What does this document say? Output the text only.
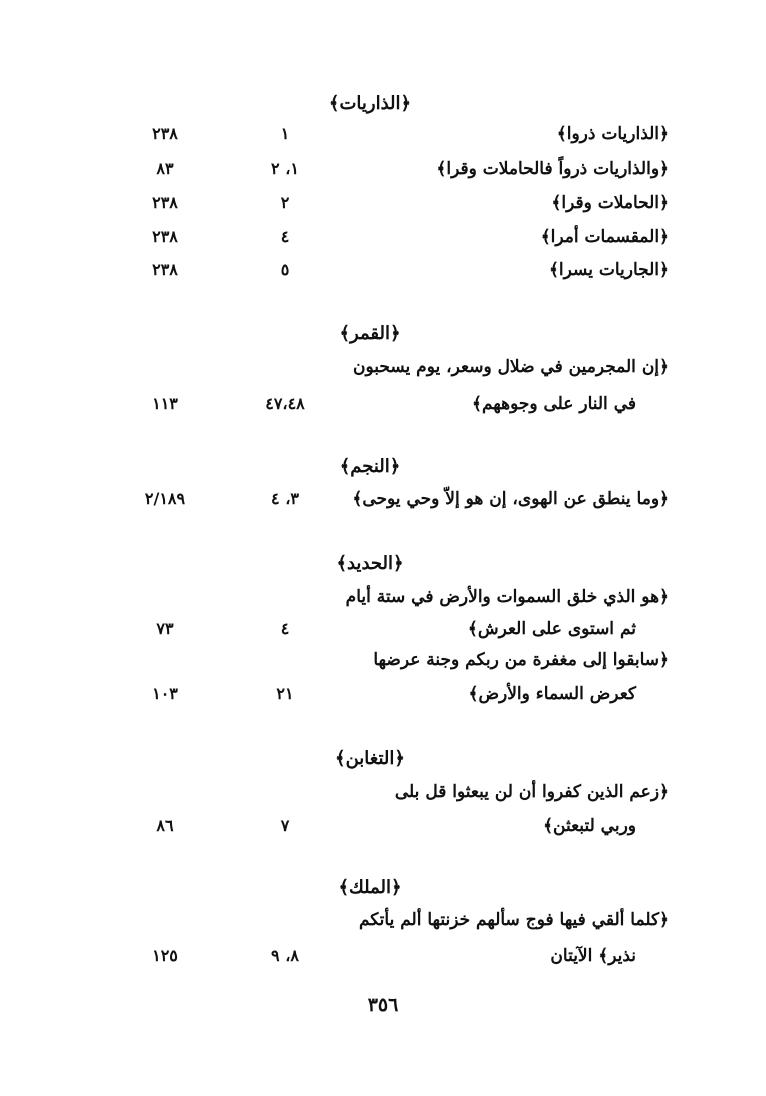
﴿الذاريات﴾
﴿الذاريات ذروا﴾
١
٢٣٨
﴿والذاريات ذرواً فالحاملات وقرا﴾
١، ٢
٨٣
﴿الحاملات وقرا﴾
٢
٢٣٨
﴿المقسمات أمرا﴾
٤
٢٣٨
﴿الجاريات يسرا﴾
٥
٢٣٨
﴿القمر﴾
﴿إن المجرمين في ضلال وسعر، يوم يسحبون
في النار على وجوههم﴾
٤٧،٤٨
١١٣
﴿النجم﴾
﴿وما ينطق عن الهوى، إن هو إلاّ وحي يوحى﴾
٣، ٤
٢/١٨٩
﴿الحديد﴾
﴿هو الذي خلق السموات والأرض في ستة أيام
ثم استوى على العرش﴾
٤
٧٣
﴿سابقوا إلى مغفرة من ربكم وجنة عرضها
كعرض السماء والأرض﴾
٢١
١٠٣
﴿التغابن﴾
﴿زعم الذين كفروا أن لن يبعثوا قل بلى
وربي لتبعثن﴾
٧
٨٦
﴿الملك﴾
﴿كلما ألقي فيها فوج سألهم خزنتها ألم يأتكم
نذير﴾ الآيتان
٨، ٩
١٢٥
٣٥٦
